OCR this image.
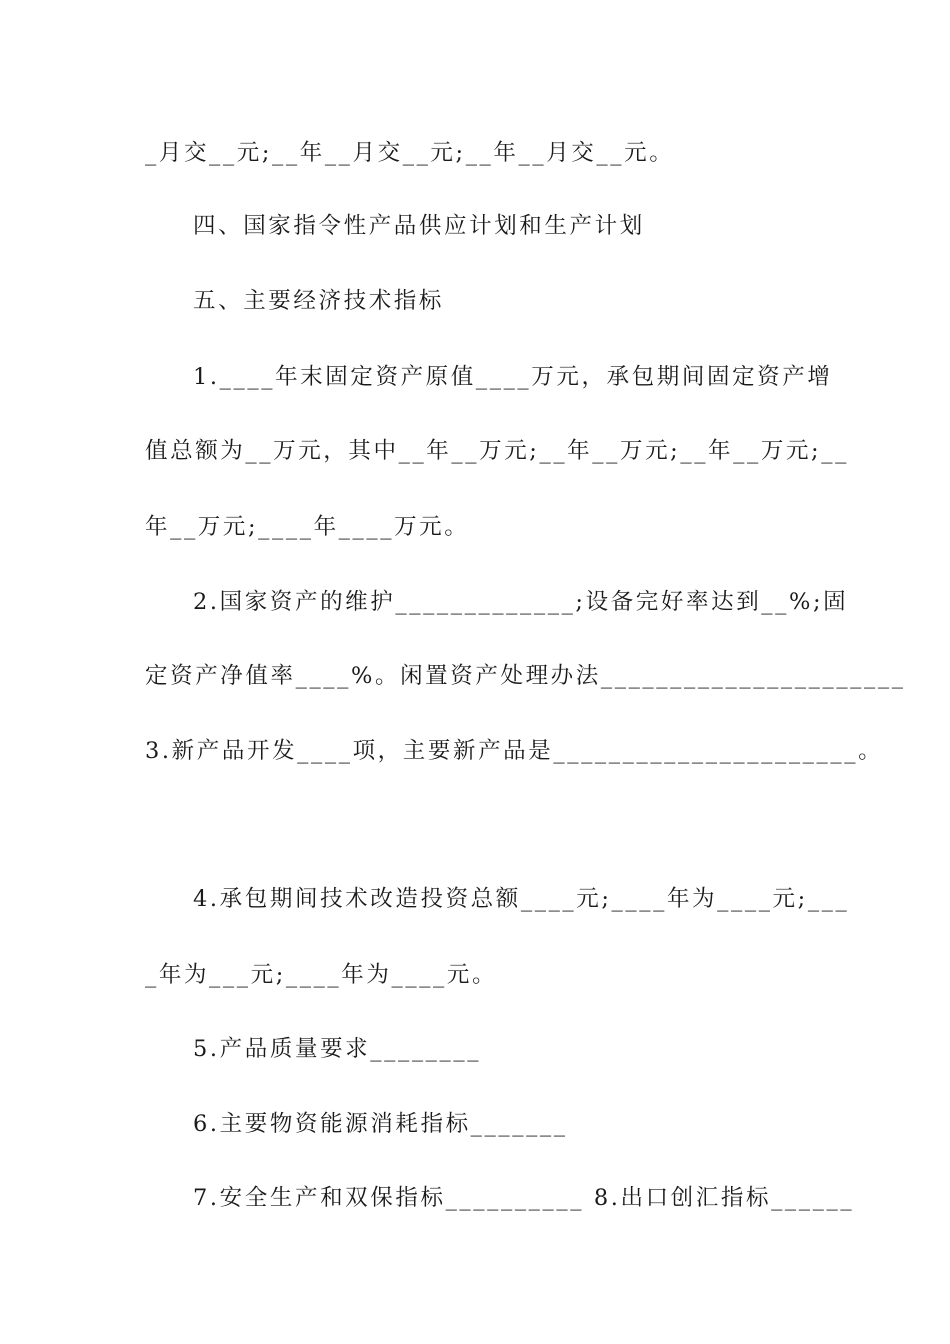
_月交__元;__年__月交__元;__年__月交__元。
四、国家指令性产品供应计划和生产计划
五、主要经济技术指标
1.____年末固定资产原值____万元，承包期间固定资产增
值总额为__万元，其中__年__万元;__年__万元;__年__万元;__
年__万元;____年____万元。
2.国家资产的维护_____________;设备完好率达到__%;固
定资产净值率____%。闲置资产处理办法______________________
3.新产品开发____项，主要新产品是______________________。
4.承包期间技术改造投资总额____元;____年为____元;___
_年为___元;____年为____元。
5.产品质量要求________
6.主要物资能源消耗指标_______
7.安全生产和双保指标__________ 8.出口创汇指标______
